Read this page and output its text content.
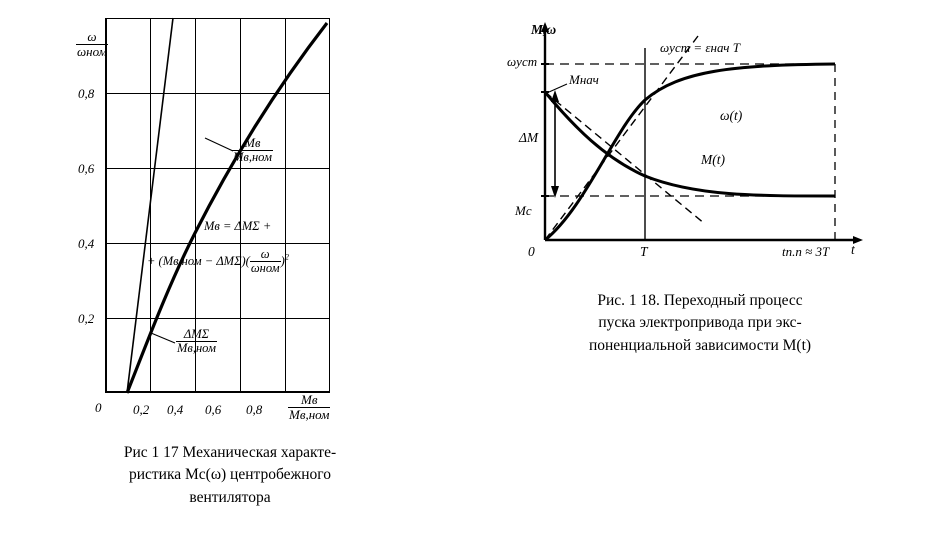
$\frac{\omega}{\text{ωном}}$
0,8
0,6
0,4
0,2
0 0,2 0,4 0,6 $0,8 \frac{Mв}{\text{Mв,ном}}$
$\frac{Mв}{\text{Mв,ном}}$
Mв = ΔMΣ +
+ $(Mв,ном - \Delta M\Sigma)( \frac{\omega}{\text{ωном}} )^2$
$\frac{\text{ΔMΣ}}{\text{Mв,ном}}$
Рис 1 17 Механическая характе-
ристика Mc(ω) центробежного
вентилятора
M,ω
t
ωуст
ωуст = εнач T
Mнач
ΔM
Mc
ω(t)
M(t)
0	T	tп.п ≈ 3T
Рис. 1 18. Переходный процесс
пуска электропривода при экс-
поненциальной зависимости M(t)
